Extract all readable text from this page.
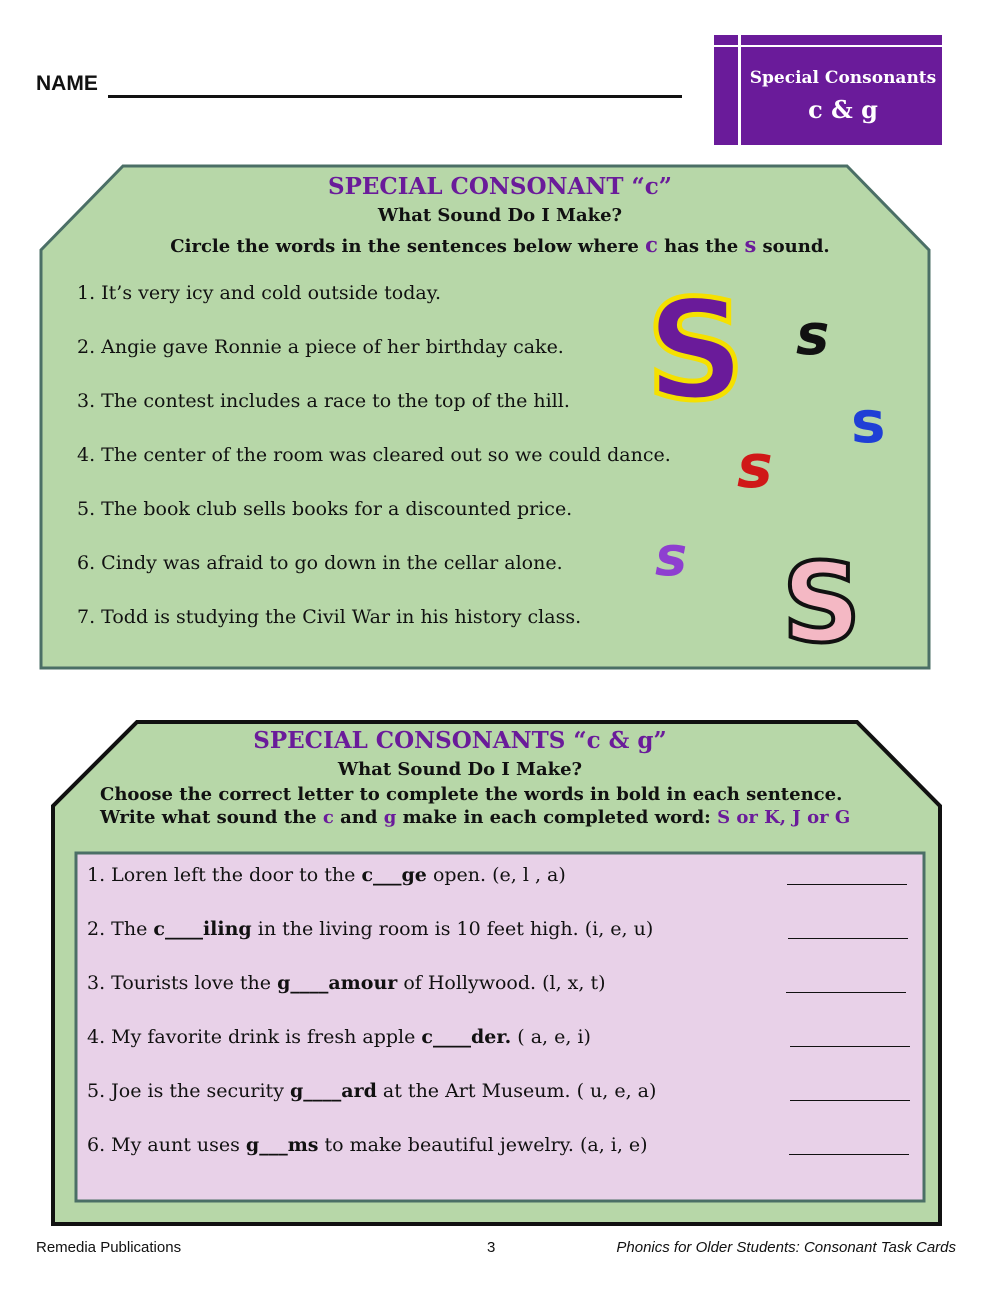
NAME	Special Consonants
c & g
SPECIAL CONSONANT “c”
What Sound Do I Make?
Circle the words in the sentences below where c has the s sound.
1. It’s very icy and cold outside today.
2. Angie gave Ronnie a piece of her birthday cake.
3. The contest includes a race to the top of the hill.
4. The center of the room was cleared out so we could dance.
5. The book club sells books for a discounted price.
6. Cindy was afraid to go down in the cellar alone.
7. Todd is studying the Civil War in his history class.
S s
s
s
s S
SPECIAL CONSONANTS “c & g”
What Sound Do I Make?
Choose the correct letter to complete the words in bold in each sentence.
Write what sound the c and g make in each completed word: S or K, J or G
1. Loren left the door to the c___ge open. (e, l , a)
2. The c____iling in the living room is 10 feet high. (i, e, u)
3. Tourists love the g____amour of Hollywood. (l, x, t)
4. My favorite drink is fresh apple c____der. ( a, e, i)
5. Joe is the security g____ard at the Art Museum. ( u, e, a)
6. My aunt uses g___ms to make beautiful jewelry. (a, i, e)
Remedia Publications	3	Phonics for Older Students: Consonant Task Cards
